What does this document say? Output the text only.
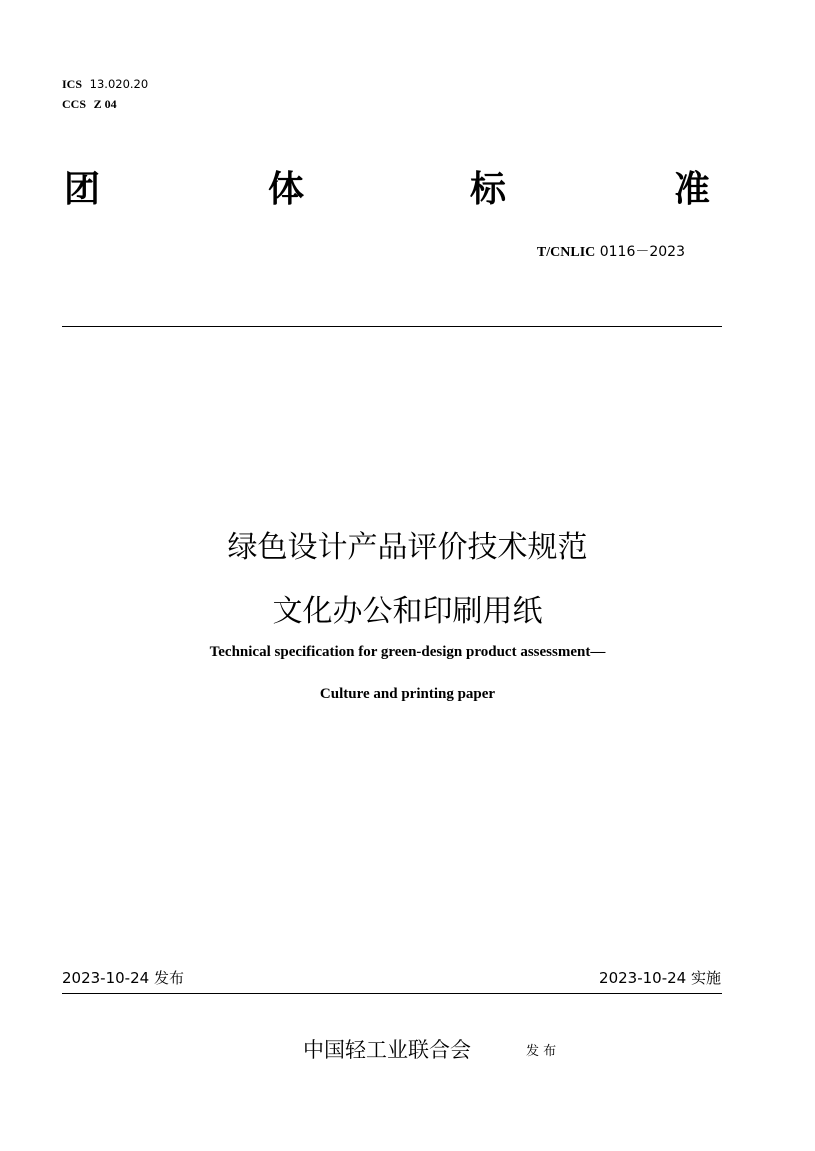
ICS 13.020.20
CCS Z 04
团	体	标	准
T/CNLIC 0116－2023
绿色设计产品评价技术规范
文化办公和印刷用纸
Technical specification for green-design product assessment—
Culture and printing paper
2023-10-24 发布	2023-10-24 实施
中国轻工业联合会	发 布
